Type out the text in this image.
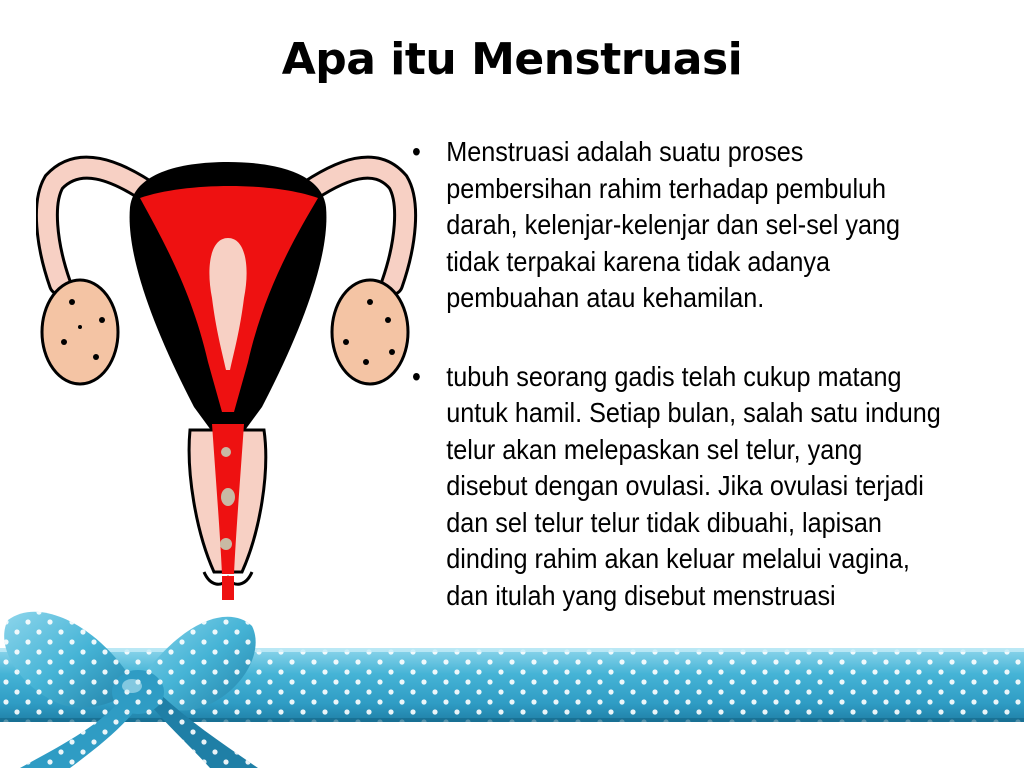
Apa itu Menstruasi
• Menstruasi adalah suatu proses pembersihan rahim terhadap pembuluh darah, kelenjar-kelenjar dan sel-sel yang tidak terpakai karena tidak adanya pembuahan atau kehamilan.
• tubuh seorang gadis telah cukup matang untuk hamil. Setiap bulan, salah satu indung telur akan melepaskan sel telur, yang disebut dengan ovulasi. Jika ovulasi terjadi dan sel telur telur tidak dibuahi, lapisan dinding rahim akan keluar melalui vagina, dan itulah yang disebut menstruasi
